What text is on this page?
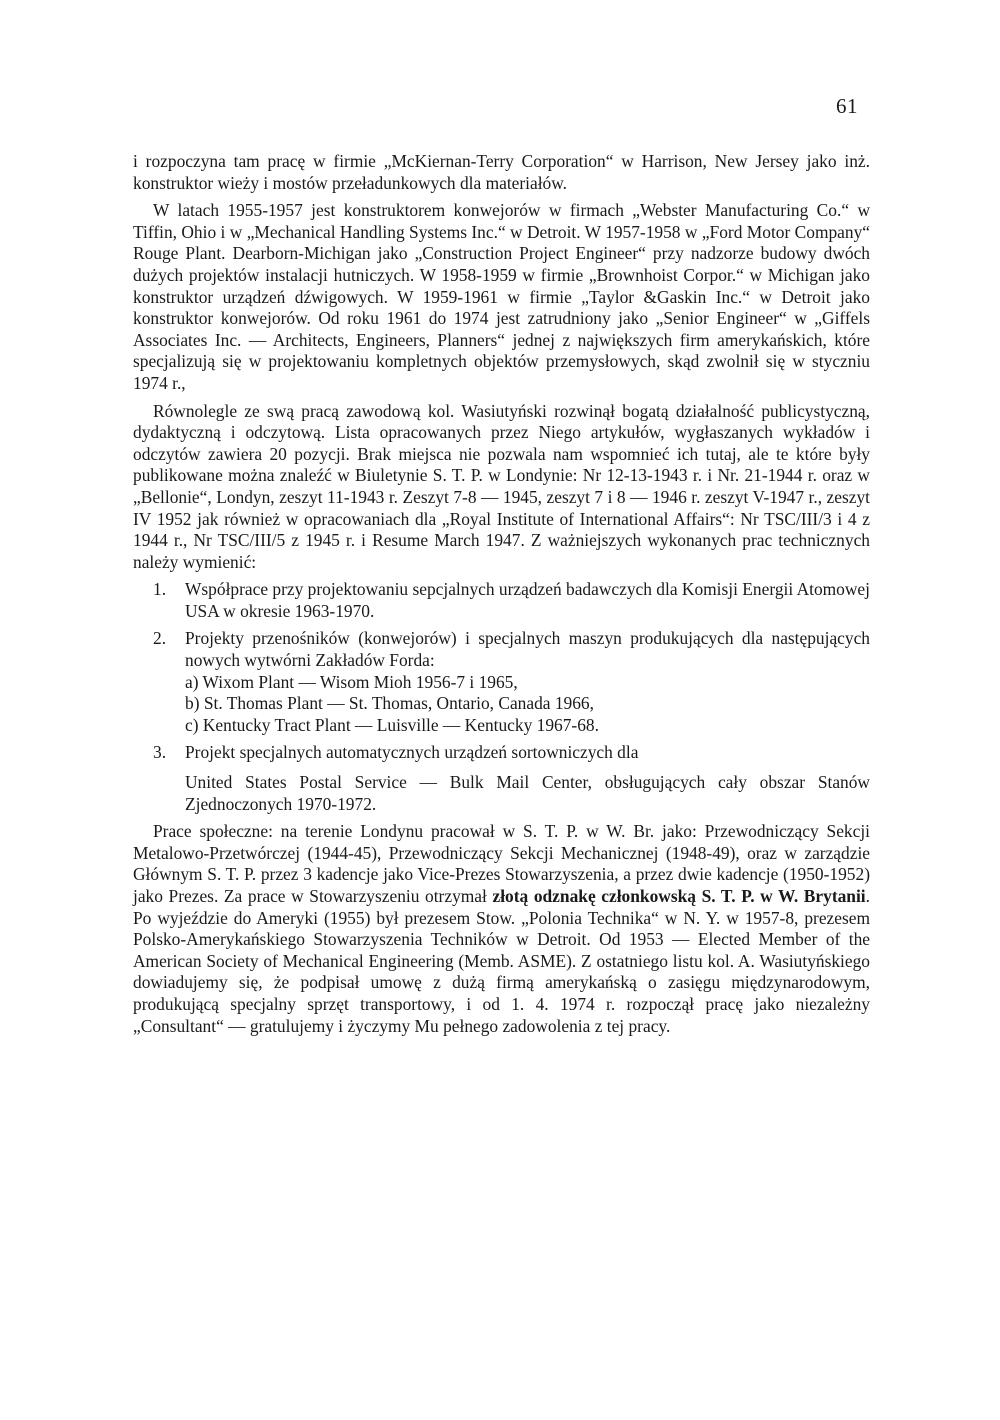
61

i rozpoczyna tam pracę w firmie „McKiernan-Terry Corporation“ w Harrison, New Jersey jako inż. konstruktor wieży i mostów przeładunkowych dla materiałów.

W latach 1955-1957 jest konstruktorem konwejorów w firmach „Webster Manufacturing Co.“ w Tiffin, Ohio i w „Mechanical Handling Systems Inc.“ w Detroit. W 1957-1958 w „Ford Motor Company“ Rouge Plant. Dearborn-Michigan jako „Construction Project Engineer“ przy nadzorze budowy dwóch dużych projektów instalacji hutniczych. W 1958-1959 w firmie „Brownhoist Corpor.“ w Michigan jako konstruktor urządzeń dźwigowych. W 1959-1961 w firmie „Taylor &Gaskin Inc.“ w Detroit jako konstruktor konwejorów. Od roku 1961 do 1974 jest zatrudniony jako „Senior Engineer“ w „Giffels Associates Inc. — Architects, Engineers, Planners“ jednej z największych firm amerykańskich, które specjalizują się w projektowaniu kompletnych objektów przemysłowych, skąd zwolnił się w styczniu 1974 r.,

Równolegle ze swą pracą zawodową kol. Wasiutyński rozwinął bogatą działalność publicystyczną, dydaktyczną i odczytową. Lista opracowanych przez Niego artykułów, wygłaszanych wykładów i odczytów zawiera 20 pozycji. Brak miejsca nie pozwala nam wspomnieć ich tutaj, ale te które były publikowane można znaleźć w Biuletynie S. T. P. w Londynie: Nr 12-13-1943 r. i Nr. 21-1944 r. oraz w „Bellonie“, Londyn, zeszyt 11-1943 r. Zeszyt 7-8 — 1945, zeszyt 7 i 8 — 1946 r. zeszyt V-1947 r., zeszyt IV 1952 jak również w opracowaniach dla „Royal Institute of International Affairs“: Nr TSC/III/3 i 4 z 1944 r., Nr TSC/III/5 z 1945 r. i Resume March 1947. Z ważniejszych wykonanych prac technicznych należy wymienić:

1. Współprace przy projektowaniu sepcjalnych urządzeń badawczych dla Komisji Energii Atomowej USA w okresie 1963-1970.
2. Projekty przenośników (konwejorów) i specjalnych maszyn produkujących dla następujących nowych wytwórni Zakładów Forda:
a) Wixom Plant — Wisom Mioh 1956-7 i 1965,
b) St. Thomas Plant — St. Thomas, Ontario, Canada 1966,
c) Kentucky Tract Plant — Luisville — Kentucky 1967-68.
3. Projekt specjalnych automatycznych urządzeń sortowniczych dla
United States Postal Service — Bulk Mail Center, obsługujących cały obszar Stanów Zjednoczonych 1970-1972.

Prace społeczne: na terenie Londynu pracował w S. T. P. w W. Br. jako: Przewodniczący Sekcji Metalowo-Przetwórczej (1944-45), Przewodniczący Sekcji Mechanicznej (1948-49), oraz w zarządzie Głównym S. T. P. przez 3 kadencje jako Vice-Prezes Stowarzyszenia, a przez dwie kadencje (1950-1952) jako Prezes. Za prace w Stowarzyszeniu otrzymał złotą odznakę członkowską S. T. P. w W. Brytanii. Po wyjeździe do Ameryki (1955) był prezesem Stow. „Polonia Technika“ w N. Y. w 1957-8, prezesem Polsko-Amerykańskiego Stowarzyszenia Techników w Detroit. Od 1953 — Elected Member of the American Society of Mechanical Engineering (Memb. ASME). Z ostatniego listu kol. A. Wasiutyńskiego dowiadujemy się, że podpisał umowę z dużą firmą amerykańską o zasięgu międzynarodowym, produkującą specjalny sprzęt transportowy, i od 1. 4. 1974 r. rozpoczął pracę jako niezależny „Consultant“ — gratulujemy i życzymy Mu pełnego zadowolenia z tej pracy.
